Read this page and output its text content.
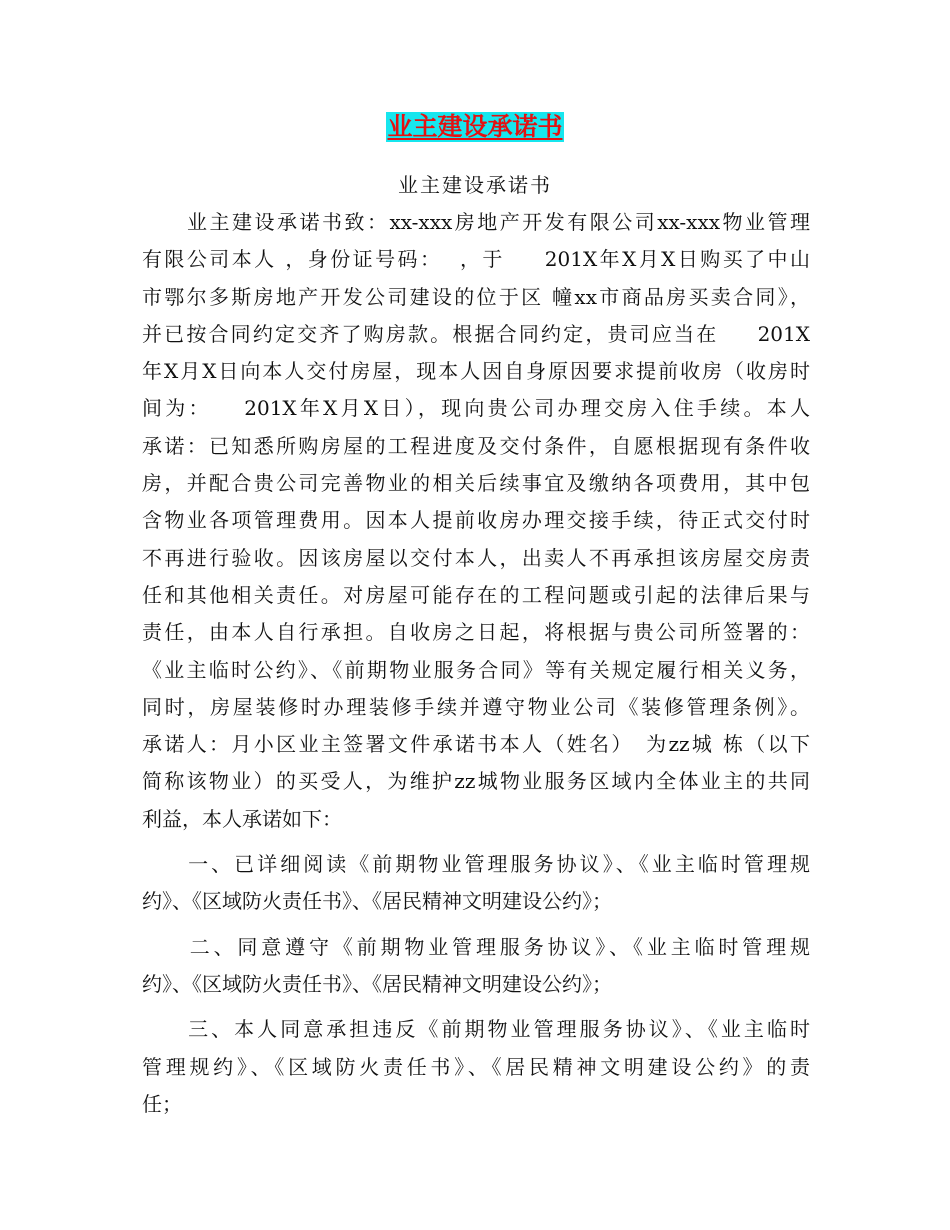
业主建设承诺书
业主建设承诺书
　　业主建设承诺书致：xx-xxx房地产开发有限公司xx-xxx物业管理
有限公司本人 ，身份证号码：  ，于　  201X年X月X日购买了中山
市鄂尔多斯房地产开发公司建设的位于区 幢xx市商品房买卖合同》，
并已按合同约定交齐了购房款。根据合同约定，贵司应当在 　 201X
年X月X日向本人交付房屋，现本人因自身原因要求提前收房（收房时
间为：　  201X年X月X日），现向贵公司办理交房入住手续。本人
承诺：已知悉所购房屋的工程进度及交付条件，自愿根据现有条件收
房，并配合贵公司完善物业的相关后续事宜及缴纳各项费用，其中包
含物业各项管理费用。因本人提前收房办理交接手续，待正式交付时
不再进行验收。因该房屋以交付本人，出卖人不再承担该房屋交房责
任和其他相关责任。对房屋可能存在的工程问题或引起的法律后果与
责任，由本人自行承担。自收房之日起，将根据与贵公司所签署的：
《业主临时公约》、《前期物业服务合同》等有关规定履行相关义务，
同时，房屋装修时办理装修手续并遵守物业公司《装修管理条例》。
承诺人：月小区业主签署文件承诺书本人（姓名）　为zz城 栋（以下
简称该物业）的买受人，为维护zz城物业服务区域内全体业主的共同
利益，本人承诺如下：
　　一、已详细阅读《前期物业管理服务协议》、《业主临时管理规
约》、《区域防火责任书》、《居民精神文明建设公约》；
　　二、同意遵守《前期物业管理服务协议》、《业主临时管理规
约》、《区域防火责任书》、《居民精神文明建设公约》；
　　三、本人同意承担违反《前期物业管理服务协议》、《业主临时
管理规约》、《区域防火责任书》、《居民精神文明建设公约》的责
任；
